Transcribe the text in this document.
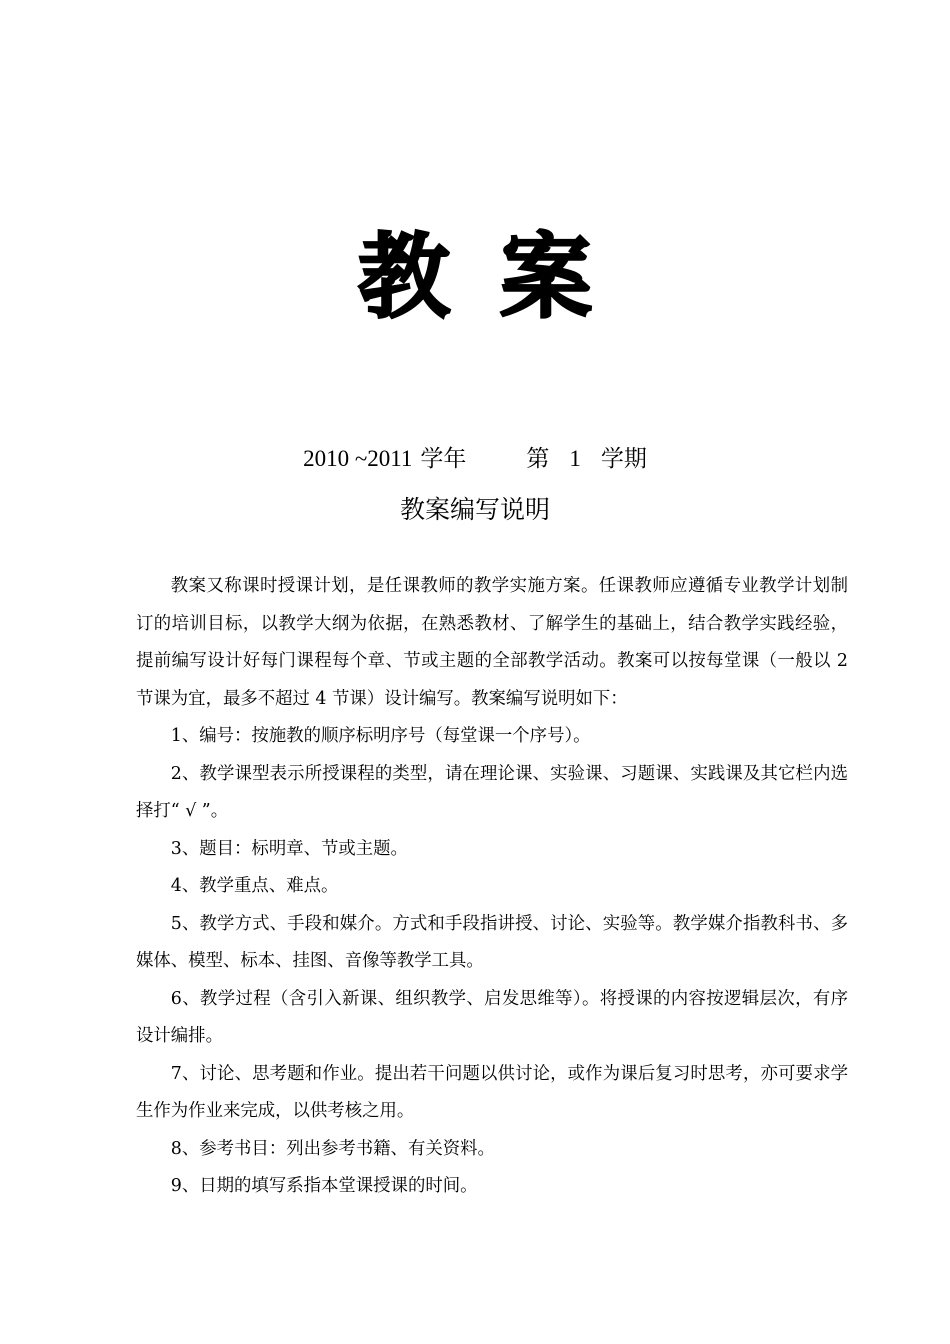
教 案
2010 ~2011 学年	第 1 学期
教案编写说明

教案又称课时授课计划，是任课教师的教学实施方案。任课教师应遵循专业教学计划制订的培训目标，以教学大纲为依据，在熟悉教材、了解学生的基础上，结合教学实践经验，提前编写设计好每门课程每个章、节或主题的全部教学活动。教案可以按每堂课（一般以 2 节课为宜，最多不超过 4 节课）设计编写。教案编写说明如下：

1、编号：按施教的顺序标明序号（每堂课一个序号）。

2、教学课型表示所授课程的类型，请在理论课、实验课、习题课、实践课及其它栏内选择打“ √ ”。

3、题目：标明章、节或主题。

4、教学重点、难点。

5、教学方式、手段和媒介。方式和手段指讲授、讨论、实验等。教学媒介指教科书、多媒体、模型、标本、挂图、音像等教学工具。

6、教学过程（含引入新课、组织教学、启发思维等）。将授课的内容按逻辑层次，有序设计编排。

7、讨论、思考题和作业。提出若干问题以供讨论，或作为课后复习时思考，亦可要求学生作为作业来完成，以供考核之用。

8、参考书目：列出参考书籍、有关资料。

9、日期的填写系指本堂课授课的时间。
